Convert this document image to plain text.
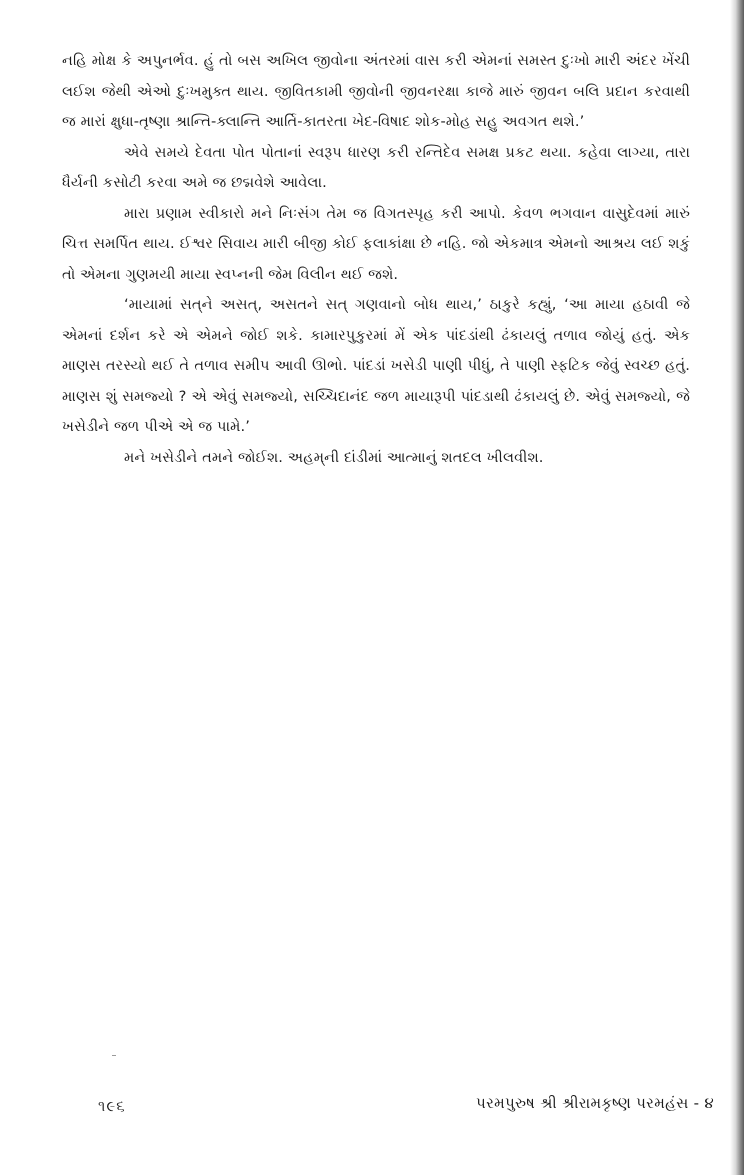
નહિ મોક્ષ કે અપુનર્ભવ. હું તો બસ અખિલ જીવોના અંતરમાં વાસ કરી એમનાં સમસ્ત દુઃખો મારી અંદર ખેંચી લઈશ જેથી એઓ દુઃખમુક્ત થાય. જીવિતકામી જીવોની જીવનરક્ષા કાજે મારું જીવન બલિ પ્રદાન કરવાથી જ મારાં ક્ષુધા-તૃષ્ણા શ્રાન્તિ-ક્લાન્તિ આર્તિ-કાતરતા ખેદ-વિષાદ શોક-મોહ સહુ અવગત થશે.’

એવે સમયે દેવતા પોત પોતાનાં સ્વરૂપ ધારણ કરી રન્તિદેવ સમક્ષ પ્રકટ થયા. કહેવા લાગ્યા, તારા ધૈર્યની કસોટી કરવા અમે જ છદ્મવેશે આવેલા.

મારા પ્રણામ સ્વીકારો મને નિઃસંગ તેમ જ વિગતસ્પૃહ કરી આપો. કેવળ ભગવાન વાસુદેવમાં મારું ચિત્ત સમર્પિત થાય. ઈશ્વર સિવાય મારી બીજી કોઈ ફલાકાંક્ષા છે નહિ. જો એકમાત્ર એમનો આશ્રય લઈ શકું તો એમના ગુણમયી માયા સ્વપ્નની જેમ વિલીન થઈ જશે.

‘માયામાં સત્‌ને અસત્‌, અસતને સત્‌ ગણવાનો બોધ થાય,’ ઠાકુરે કહ્યું, ‘આ માયા હઠાવી જે એમનાં દર્શન કરે એ એમને જોઈ શકે. કામારપુકુરમાં મેં એક પાંદડાંથી ઢંકાયલું તળાવ જોયું હતું. એક માણસ તરસ્યો થઈ તે તળાવ સમીપ આવી ઊભો. પાંદડાં ખસેડી પાણી પીધું, તે પાણી સ્ફટિક જેવું સ્વચ્છ હતું. માણસ શું સમજ્યો ? એ એવું સમજ્યો, સચ્ચિદાનંદ જળ માયારૂપી પાંદડાથી ઢંકાયલું છે. એવું સમજ્યો, જે ખસેડીને જળ પીએ એ જ પામે.’

મને ખસેડીને તમને જોઈશ. અહમ્‌ની દાંડીમાં આત્માનું શતદલ ખીલવીશ.

૧૯૬	પરમપુરુષ શ્રી શ્રીરામકૃષ્ણ પરમહંસ - ૪
